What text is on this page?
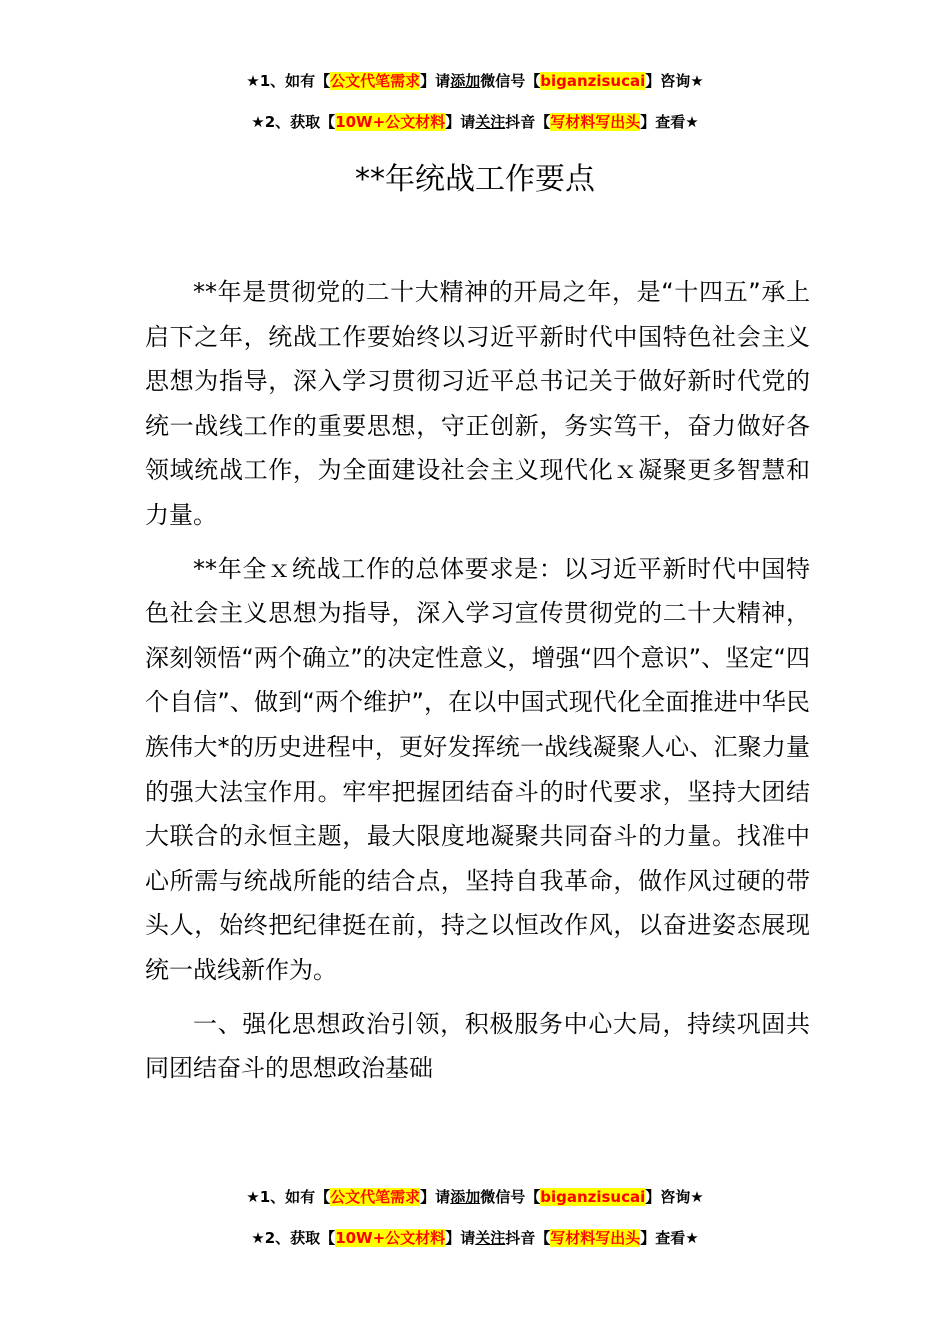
★1、如有【公文代笔需求】请添加微信号【biganzisucai】咨询★
★2、获取【10W+公文材料】请关注抖音【写材料写出头】查看★
**年统战工作要点

**年是贯彻党的二十大精神的开局之年，是“十四五”承上启下之年，统战工作要始终以习近平新时代中国特色社会主义思想为指导，深入学习贯彻习近平总书记关于做好新时代党的统一战线工作的重要思想，守正创新，务实笃干，奋力做好各领域统战工作，为全面建设社会主义现代化ｘ凝聚更多智慧和力量。

**年全ｘ统战工作的总体要求是：以习近平新时代中国特色社会主义思想为指导，深入学习宣传贯彻党的二十大精神，深刻领悟“两个确立”的决定性意义，增强“四个意识”、坚定“四个自信”、做到“两个维护”，在以中国式现代化全面推进中华民族伟大*的历史进程中，更好发挥统一战线凝聚人心、汇聚力量的强大法宝作用。牢牢把握团结奋斗的时代要求，坚持大团结大联合的永恒主题，最大限度地凝聚共同奋斗的力量。找准中心所需与统战所能的结合点，坚持自我革命，做作风过硬的带头人，始终把纪律挺在前，持之以恒改作风，以奋进姿态展现统一战线新作为。

一、强化思想政治引领，积极服务中心大局，持续巩固共同团结奋斗的思想政治基础

★1、如有【公文代笔需求】请添加微信号【biganzisucai】咨询★
★2、获取【10W+公文材料】请关注抖音【写材料写出头】查看★
